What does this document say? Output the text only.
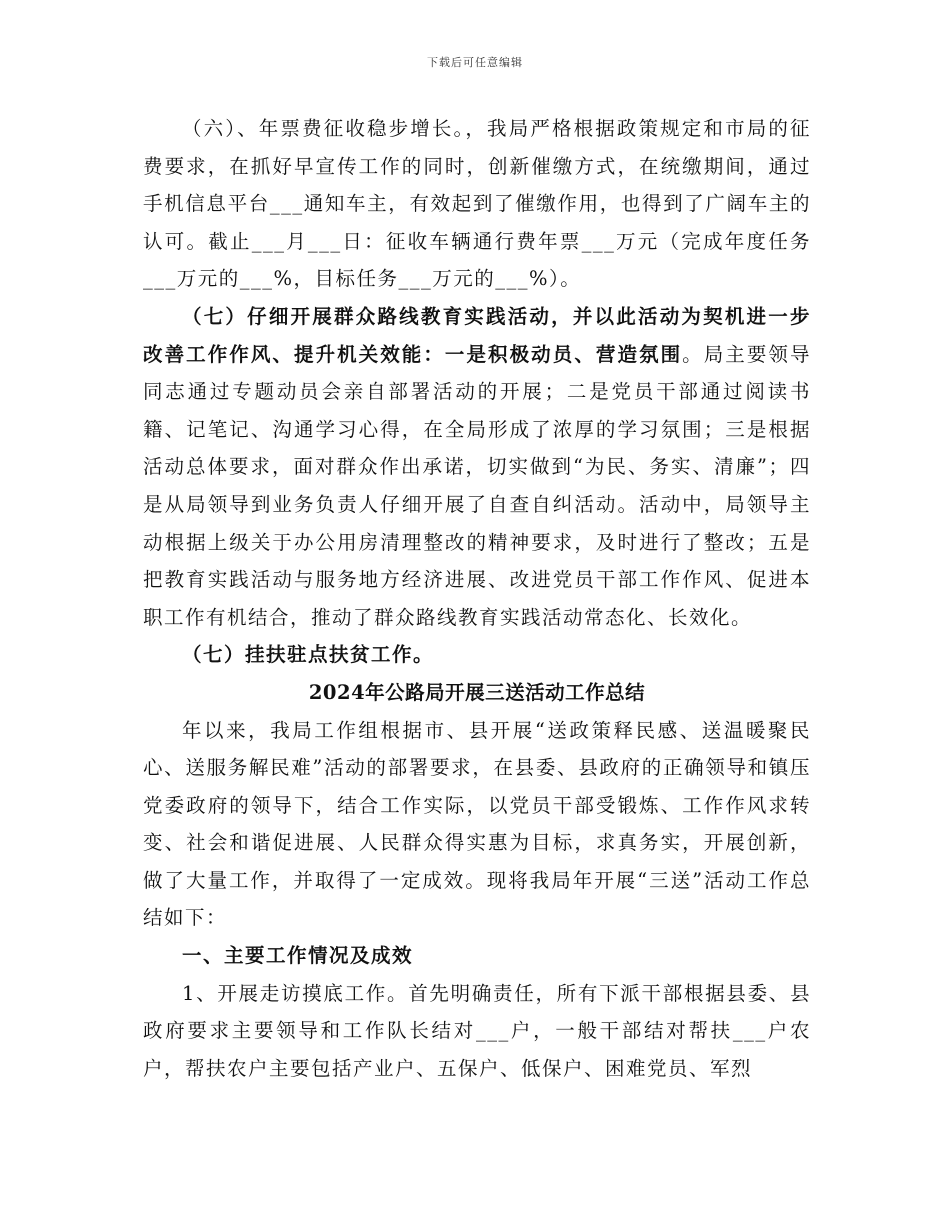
下载后可任意编辑

（六）、年票费征收稳步增长。，我局严格根据政策规定和市局的征费要求，在抓好早宣传工作的同时，创新催缴方式，在统缴期间，通过手机信息平台___通知车主，有效起到了催缴作用，也得到了广阔车主的认可。截止___月___日：征收车辆通行费年票___万元（完成年度任务___万元的___%，目标任务___万元的___%）。

（七）仔细开展群众路线教育实践活动，并以此活动为契机进一步改善工作作风、提升机关效能：一是积极动员、营造氛围。局主要领导同志通过专题动员会亲自部署活动的开展；二是党员干部通过阅读书籍、记笔记、沟通学习心得，在全局形成了浓厚的学习氛围；三是根据活动总体要求，面对群众作出承诺，切实做到“为民、务实、清廉”；四是从局领导到业务负责人仔细开展了自查自纠活动。活动中，局领导主动根据上级关于办公用房清理整改的精神要求，及时进行了整改；五是把教育实践活动与服务地方经济进展、改进党员干部工作作风、促进本职工作有机结合，推动了群众路线教育实践活动常态化、长效化。

（七）挂扶驻点扶贫工作。

2024年公路局开展三送活动工作总结

年以来，我局工作组根据市、县开展“送政策释民感、送温暖聚民心、送服务解民难”活动的部署要求，在县委、县政府的正确领导和镇压党委政府的领导下，结合工作实际，以党员干部受锻炼、工作作风求转变、社会和谐促进展、人民群众得实惠为目标，求真务实，开展创新，做了大量工作，并取得了一定成效。现将我局年开展“三送”活动工作总结如下：

一、主要工作情况及成效

1、开展走访摸底工作。首先明确责任，所有下派干部根据县委、县政府要求主要领导和工作队长结对___户，一般干部结对帮扶___户农户，帮扶农户主要包括产业户、五保户、低保户、困难党员、军烈
